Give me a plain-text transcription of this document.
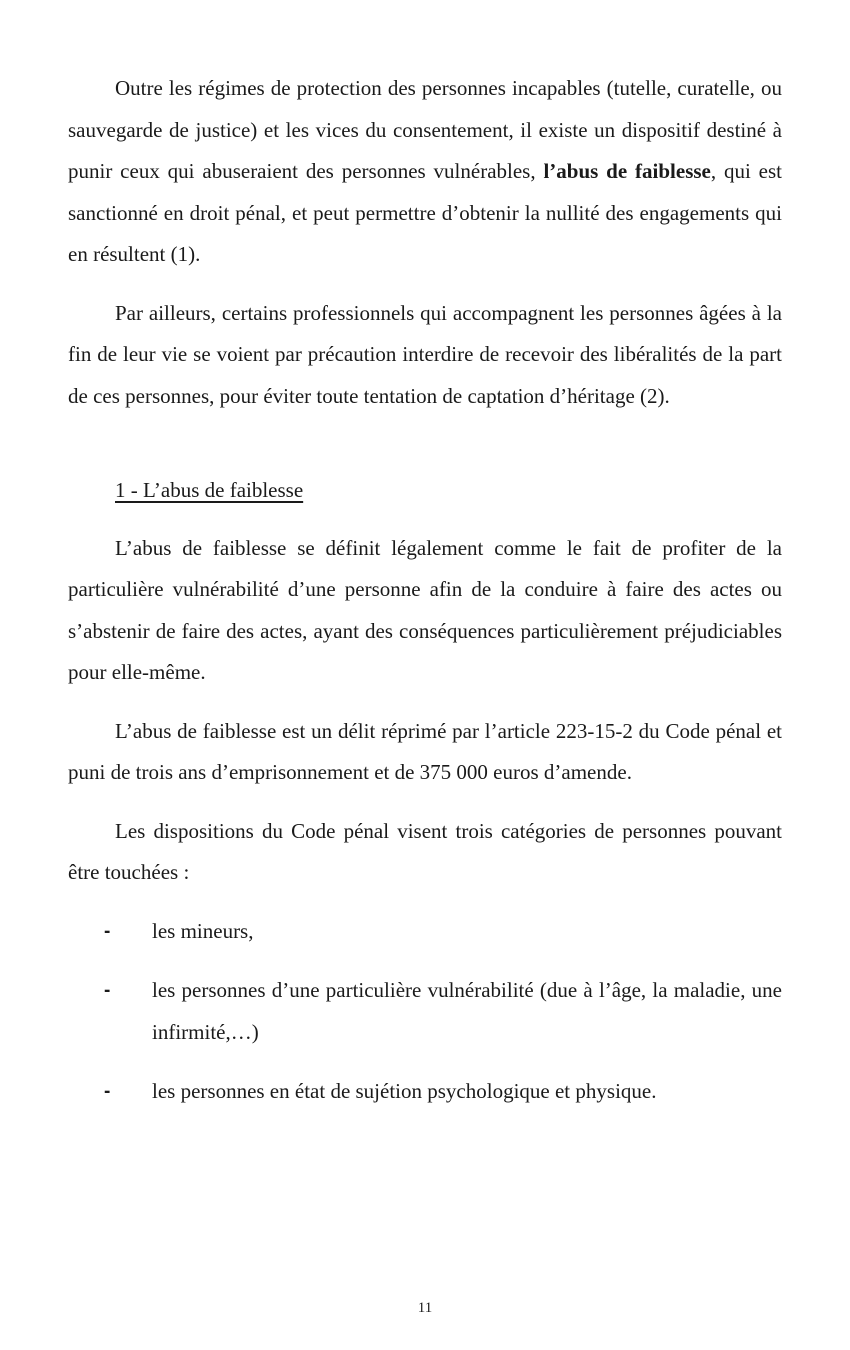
Outre les régimes de protection des personnes incapables (tutelle, curatelle, ou sauvegarde de justice) et les vices du consentement, il existe un dispositif destiné à punir ceux qui abuseraient des personnes vulnérables, l’abus de faiblesse, qui est sanctionné en droit pénal, et peut permettre d’obtenir la nullité des engagements qui en résultent (1).

Par ailleurs, certains professionnels qui accompagnent les personnes âgées à la fin de leur vie se voient par précaution interdire de recevoir des libéralités de la part de ces personnes, pour éviter toute tentation de captation d’héritage (2).

1 - L’abus de faiblesse

L’abus de faiblesse se définit légalement comme le fait de profiter de la particulière vulnérabilité d’une personne afin de la conduire à faire des actes ou s’abstenir de faire des actes, ayant des conséquences particulièrement préjudiciables pour elle-même.

L’abus de faiblesse est un délit réprimé par l’article 223-15-2 du Code pénal et puni de trois ans d’emprisonnement et de 375 000 euros d’amende.

Les dispositions du Code pénal visent trois catégories de personnes pouvant être touchées :

- les mineurs,
- les personnes d’une particulière vulnérabilité (due à l’âge, la maladie, une infirmité,…)
- les personnes en état de sujétion psychologique et physique.
11
